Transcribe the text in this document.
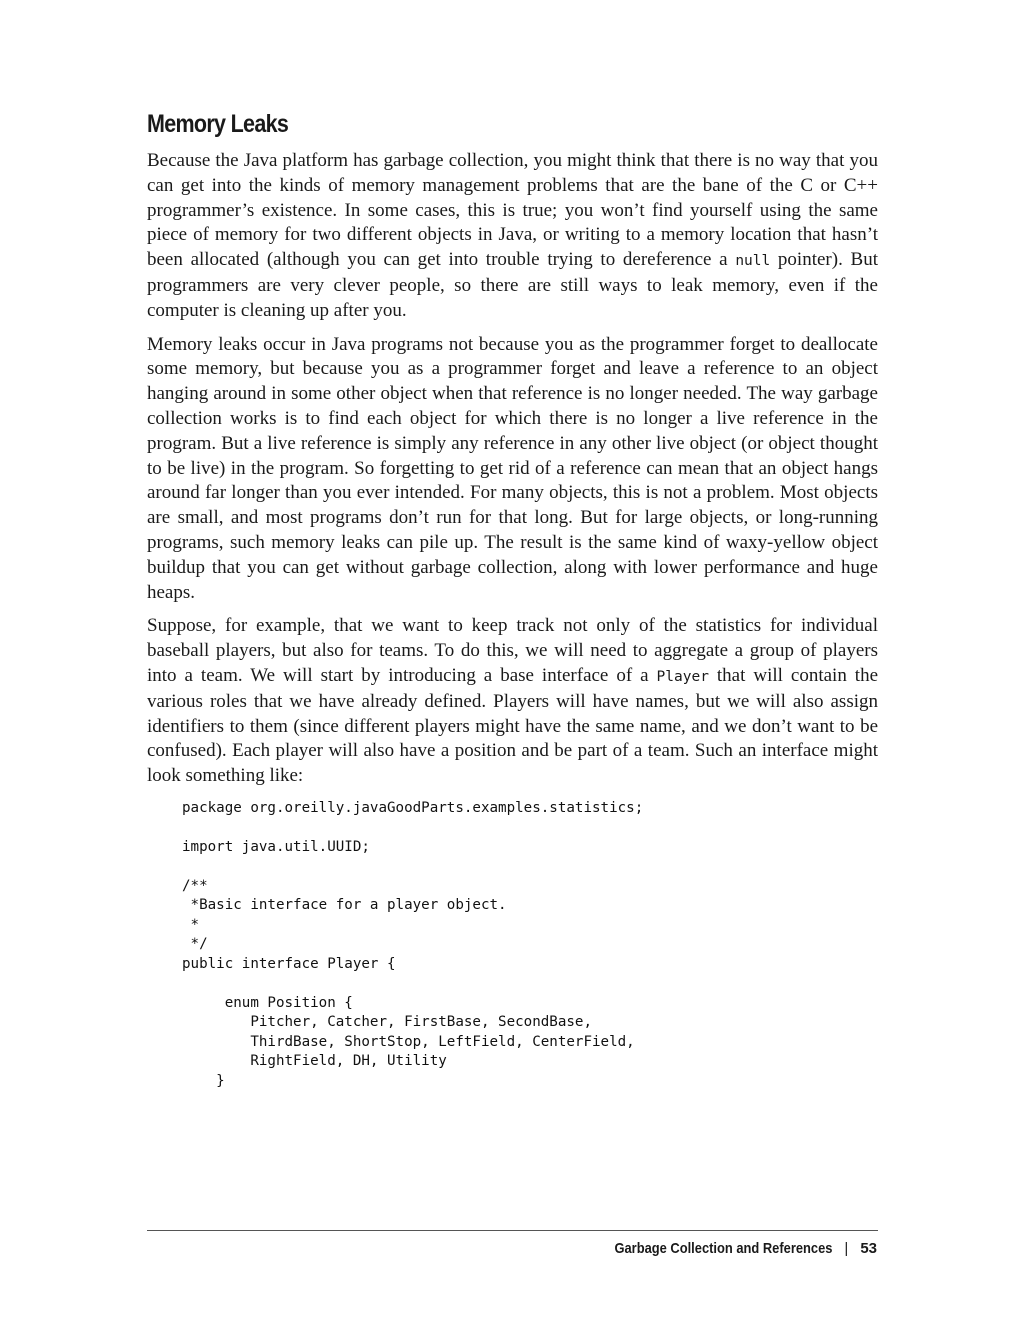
Memory Leaks

Because the Java platform has garbage collection, you might think that there is no way that you can get into the kinds of memory management problems that are the bane of the C or C++ programmer’s existence. In some cases, this is true; you won’t find yourself using the same piece of memory for two different objects in Java, or writing to a memory location that hasn’t been allocated (although you can get into trouble trying to dereference a null pointer). But programmers are very clever people, so there are still ways to leak memory, even if the computer is cleaning up after you.

Memory leaks occur in Java programs not because you as the programmer forget to deallocate some memory, but because you as a programmer forget and leave a reference to an object hanging around in some other object when that reference is no longer needed. The way garbage collection works is to find each object for which there is no longer a live reference in the program. But a live reference is simply any reference in any other live object (or object thought to be live) in the program. So forgetting to get rid of a reference can mean that an object hangs around far longer than you ever intended. For many objects, this is not a problem. Most objects are small, and most programs don’t run for that long. But for large objects, or long-running programs, such memory leaks can pile up. The result is the same kind of waxy-yellow object buildup that you can get without garbage collection, along with lower performance and huge heaps.

Suppose, for example, that we want to keep track not only of the statistics for individual baseball players, but also for teams. To do this, we will need to aggregate a group of players into a team. We will start by introducing a base interface of a Player that will contain the various roles that we have already defined. Players will have names, but we will also assign identifiers to them (since different players might have the same name, and we don’t want to be confused). Each player will also have a position and be part of a team. Such an interface might look something like:

package org.oreilly.javaGoodParts.examples.statistics;

import java.util.UUID;

/**
*Basic interface for a player object.
*
*/
public interface Player {

enum Position {
Pitcher, Catcher, FirstBase, SecondBase,
ThirdBase, ShortStop, LeftField, CenterField,
RightField, DH, Utility
}
Garbage Collection and References | 53
